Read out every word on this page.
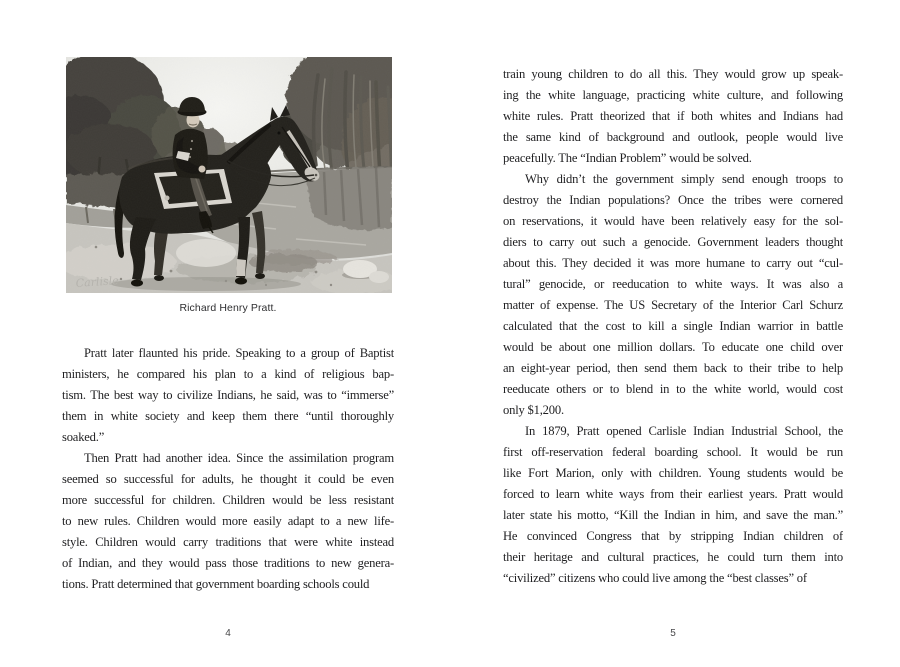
Richard Henry Pratt.
Pratt later flaunted his pride. Speaking to a group of Baptist
ministers, he compared his plan to a kind of religious bap-
tism. The best way to civilize Indians, he said, was to “immerse”
them in white society and keep them there “until thoroughly
soaked.”
Then Pratt had another idea. Since the assimilation program
seemed so successful for adults, he thought it could be even
more successful for children. Children would be less resistant
to new rules. Children would more easily adapt to a new life-
style. Children would carry traditions that were white instead
of Indian, and they would pass those traditions to new genera-
tions. Pratt determined that government boarding schools could
4
train young children to do all this. They would grow up speak-
ing the white language, practicing white culture, and following
white rules. Pratt theorized that if both whites and Indians had
the same kind of background and outlook, people would live
peacefully. The “Indian Problem” would be solved.
Why didn’t the government simply send enough troops to
destroy the Indian populations? Once the tribes were cornered
on reservations, it would have been relatively easy for the sol-
diers to carry out such a genocide. Government leaders thought
about this. They decided it was more humane to carry out “cul-
tural” genocide, or reeducation to white ways. It was also a
matter of expense. The US Secretary of the Interior Carl Schurz
calculated that the cost to kill a single Indian warrior in battle
would be about one million dollars. To educate one child over
an eight-year period, then send them back to their tribe to help
reeducate others or to blend in to the white world, would cost
only $1,200.
In 1879, Pratt opened Carlisle Indian Industrial School, the
first off-reservation federal boarding school. It would be run
like Fort Marion, only with children. Young students would be
forced to learn white ways from their earliest years. Pratt would
later state his motto, “Kill the Indian in him, and save the man.”
He convinced Congress that by stripping Indian children of
their heritage and cultural practices, he could turn them into
“civilized” citizens who could live among the “best classes” of
5
